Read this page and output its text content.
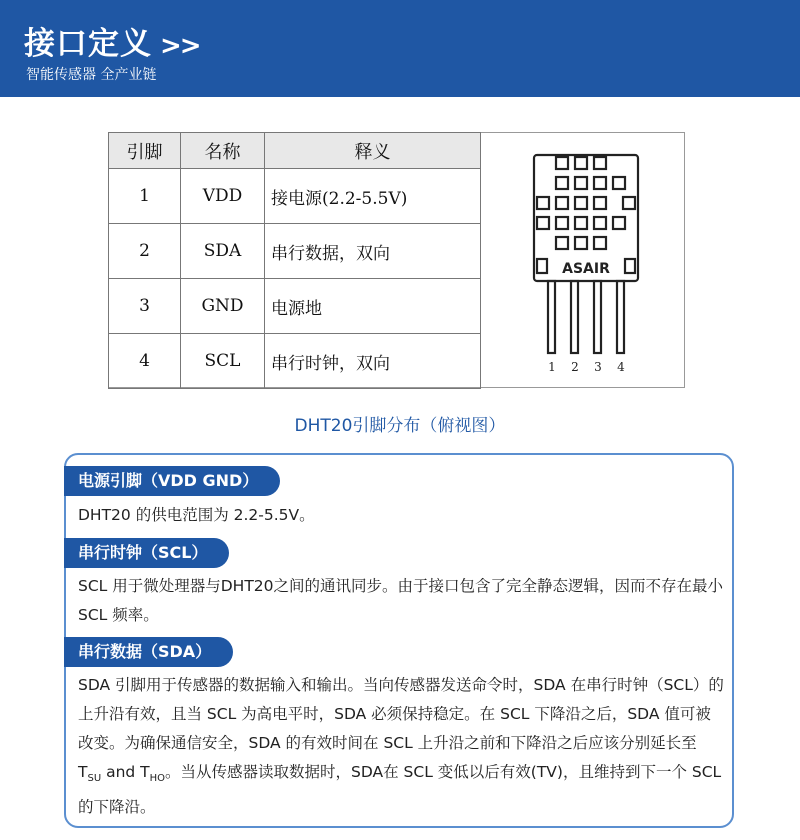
接口定义 >>
智能传感器 全产业链
引脚	名称	释义
1	VDD	接电源(2.2-5.5V)
2	SDA	串行数据，双向
3	GND	电源地
4	SCL	串行时钟，双向
ASAIR
1 2 3 4
DHT20引脚分布（俯视图）
电源引脚（VDD GND）
DHT20 的供电范围为 2.2-5.5V。
串行时钟（SCL）
SCL 用于微处理器与DHT20之间的通讯同步。由于接口包含了完全静态逻辑，因而不存在最小SCL 频率。
串行数据（SDA）
SDA 引脚用于传感器的数据输入和输出。当向传感器发送命令时，SDA 在串行时钟（SCL）的上升沿有效，且当 SCL 为高电平时，SDA 必须保持稳定。在 SCL 下降沿之后，SDA 值可被改变。为确保通信安全，SDA 的有效时间在 SCL 上升沿之前和下降沿之后应该分别延长至 $T_{SU}$ and $T_{HO}$。当从传感器读取数据时，SDA在 SCL 变低以后有效(TV)，且维持到下一个 SCL 的下降沿。
